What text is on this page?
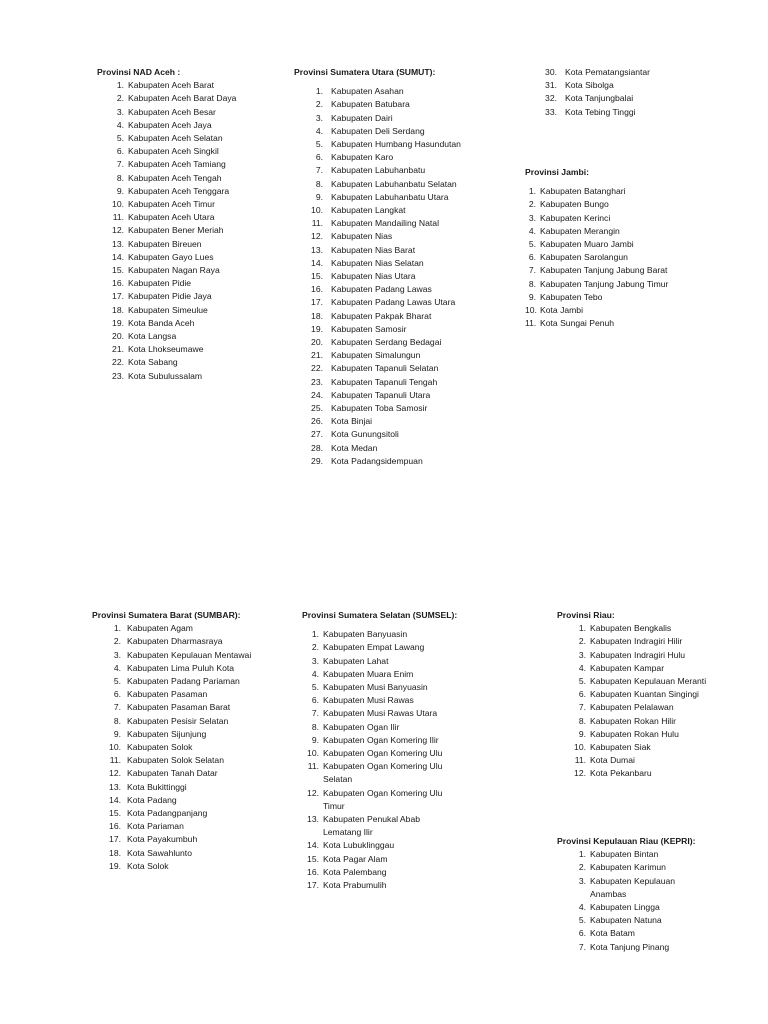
Provinsi NAD Aceh :
1. Kabupaten Aceh Barat
2. Kabupaten Aceh Barat Daya
3. Kabupaten Aceh Besar
4. Kabupaten Aceh Jaya
5. Kabupaten Aceh Selatan
6. Kabupaten Aceh Singkil
7. Kabupaten Aceh Tamiang
8. Kabupaten Aceh Tengah
9. Kabupaten Aceh Tenggara
10. Kabupaten Aceh Timur
11. Kabupaten Aceh Utara
12. Kabupaten Bener Meriah
13. Kabupaten Bireuen
14. Kabupaten Gayo Lues
15. Kabupaten Nagan Raya
16. Kabupaten Pidie
17. Kabupaten Pidie Jaya
18. Kabupaten Simeulue
19. Kota Banda Aceh
20. Kota Langsa
21. Kota Lhokseumawe
22. Kota Sabang
23. Kota Subulussalam
Provinsi Sumatera Utara (SUMUT):
1. Kabupaten Asahan
2. Kabupaten Batubara
3. Kabupaten Dairi
4. Kabupaten Deli Serdang
5. Kabupaten Humbang Hasundutan
6. Kabupaten Karo
7. Kabupaten Labuhanbatu
8. Kabupaten Labuhanbatu Selatan
9. Kabupaten Labuhanbatu Utara
10. Kabupaten Langkat
11. Kabupaten Mandailing Natal
12. Kabupaten Nias
13. Kabupaten Nias Barat
14. Kabupaten Nias Selatan
15. Kabupaten Nias Utara
16. Kabupaten Padang Lawas
17. Kabupaten Padang Lawas Utara
18. Kabupaten Pakpak Bharat
19. Kabupaten Samosir
20. Kabupaten Serdang Bedagai
21. Kabupaten Simalungun
22. Kabupaten Tapanuli Selatan
23. Kabupaten Tapanuli Tengah
24. Kabupaten Tapanuli Utara
25. Kabupaten Toba Samosir
26. Kota Binjai
27. Kota Gunungsitoli
28. Kota Medan
29. Kota Padangsidempuan
30. Kota Pematangsiantar
31. Kota Sibolga
32. Kota Tanjungbalai
33. Kota Tebing Tinggi
Provinsi Jambi:
1. Kabupaten Batanghari
2. Kabupaten Bungo
3. Kabupaten Kerinci
4. Kabupaten Merangin
5. Kabupaten Muaro Jambi
6. Kabupaten Sarolangun
7. Kabupaten Tanjung Jabung Barat
8. Kabupaten Tanjung Jabung Timur
9. Kabupaten Tebo
10. Kota Jambi
11. Kota Sungai Penuh
Provinsi Sumatera Barat (SUMBAR):
1. Kabupaten Agam
2. Kabupaten Dharmasraya
3. Kabupaten Kepulauan Mentawai
4. Kabupaten Lima Puluh Kota
5. Kabupaten Padang Pariaman
6. Kabupaten Pasaman
7. Kabupaten Pasaman Barat
8. Kabupaten Pesisir Selatan
9. Kabupaten Sijunjung
10. Kabupaten Solok
11. Kabupaten Solok Selatan
12. Kabupaten Tanah Datar
13. Kota Bukittinggi
14. Kota Padang
15. Kota Padangpanjang
16. Kota Pariaman
17. Kota Payakumbuh
18. Kota Sawahlunto
19. Kota Solok
Provinsi Sumatera Selatan (SUMSEL):
1. Kabupaten Banyuasin
2. Kabupaten Empat Lawang
3. Kabupaten Lahat
4. Kabupaten Muara Enim
5. Kabupaten Musi Banyuasin
6. Kabupaten Musi Rawas
7. Kabupaten Musi Rawas Utara
8. Kabupaten Ogan Ilir
9. Kabupaten Ogan Komering Ilir
10. Kabupaten Ogan Komering Ulu
11. Kabupaten Ogan Komering Ulu Selatan
12. Kabupaten Ogan Komering Ulu Timur
13. Kabupaten Penukal Abab Lematang Ilir
14. Kota Lubuklinggau
15. Kota Pagar Alam
16. Kota Palembang
17. Kota Prabumulih
Provinsi Riau:
1. Kabupaten Bengkalis
2. Kabupaten Indragiri Hilir
3. Kabupaten Indragiri Hulu
4. Kabupaten Kampar
5. Kabupaten Kepulauan Meranti
6. Kabupaten Kuantan Singingi
7. Kabupaten Pelalawan
8. Kabupaten Rokan Hilir
9. Kabupaten Rokan Hulu
10. Kabupaten Siak
11. Kota Dumai
12. Kota Pekanbaru
Provinsi Kepulauan Riau (KEPRI):
1. Kabupaten Bintan
2. Kabupaten Karimun
3. Kabupaten Kepulauan Anambas
4. Kabupaten Lingga
5. Kabupaten Natuna
6. Kota Batam
7. Kota Tanjung Pinang
